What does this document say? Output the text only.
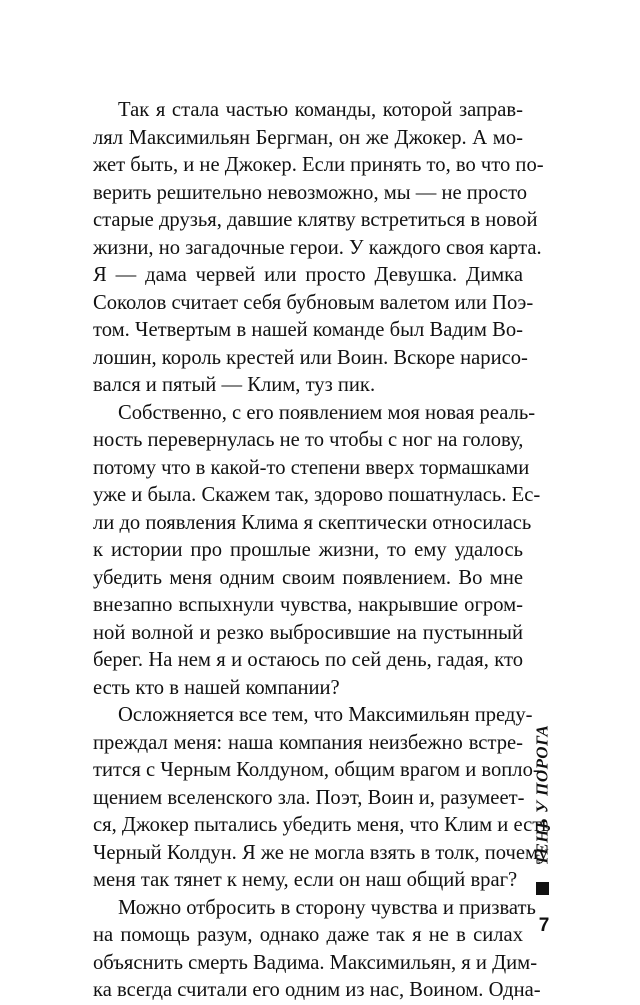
Так я стала частью команды, которой заправ-
лял Максимильян Бергман, он же Джокер. А мо-
жет быть, и не Джокер. Если принять то, во что по-
верить решительно невозможно, мы — не просто
старые друзья, давшие клятву встретиться в новой
жизни, но загадочные герои. У каждого своя карта.
Я — дама червей или просто Девушка. Димка
Соколов считает себя бубновым валетом или Поэ-
том. Четвертым в нашей команде был Вадим Во-
лошин, король крестей или Воин. Вскоре нарисо-
вался и пятый — Клим, туз пик.
Собственно, с его появлением моя новая реаль-
ность перевернулась не то чтобы с ног на голову,
потому что в какой-то степени вверх тормашками
уже и была. Скажем так, здорово пошатнулась. Ес-
ли до появления Клима я скептически относилась
к истории про прошлые жизни, то ему удалось
убедить меня одним своим появлением. Во мне
внезапно вспыхнули чувства, накрывшие огром-
ной волной и резко выбросившие на пустынный
берег. На нем я и остаюсь по сей день, гадая, кто
есть кто в нашей компании?
Осложняется все тем, что Максимильян преду-
преждал меня: наша компания неизбежно встре-
тится с Черным Колдуном, общим врагом и вопло-
щением вселенского зла. Поэт, Воин и, разумеет-
ся, Джокер пытались убедить меня, что Клим и есть
Черный Колдун. Я же не могла взять в толк, почему
меня так тянет к нему, если он наш общий враг?
Можно отбросить в сторону чувства и призвать
на помощь разум, однако даже так я не в силах
объяснить смерть Вадима. Максимильян, я и Дим-
ка всегда считали его одним из нас, Воином. Одна-
ТЕНЬ У ПОРОГА
7
